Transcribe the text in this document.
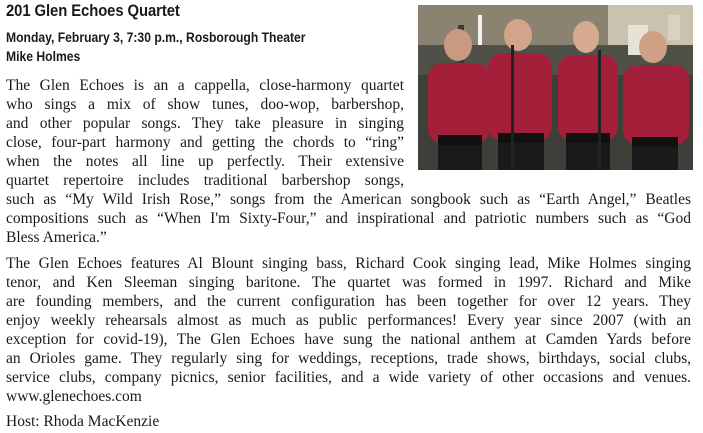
201 Glen Echoes Quartet
Monday, February 3, 7:30 p.m., Rosborough Theater
Mike Holmes
The Glen Echoes is an a cappella, close-harmony quartet
who sings a mix of show tunes, doo-wop, barbershop,
and other popular songs. They take pleasure in singing
close, four-part harmony and getting the chords to “ring”
when the notes all line up perfectly. Their extensive
quartet repertoire includes traditional barbershop songs,
such as “My Wild Irish Rose,” songs from the American songbook such as “Earth Angel,” Beatles
compositions such as “When I'm Sixty-Four,” and inspirational and patriotic numbers such as “God
Bless America.”
The Glen Echoes features Al Blount singing bass, Richard Cook singing lead, Mike Holmes singing
tenor, and Ken Sleeman singing baritone. The quartet was formed in 1997. Richard and Mike
are founding members, and the current configuration has been together for over 12 years. They
enjoy weekly rehearsals almost as much as public performances! Every year since 2007 (with an
exception for covid-19), The Glen Echoes have sung the national anthem at Camden Yards before
an Orioles game. They regularly sing for weddings, receptions, trade shows, birthdays, social clubs,
service clubs, company picnics, senior facilities, and a wide variety of other occasions and venues.
www.glenechoes.com
Host: Rhoda MacKenzie
